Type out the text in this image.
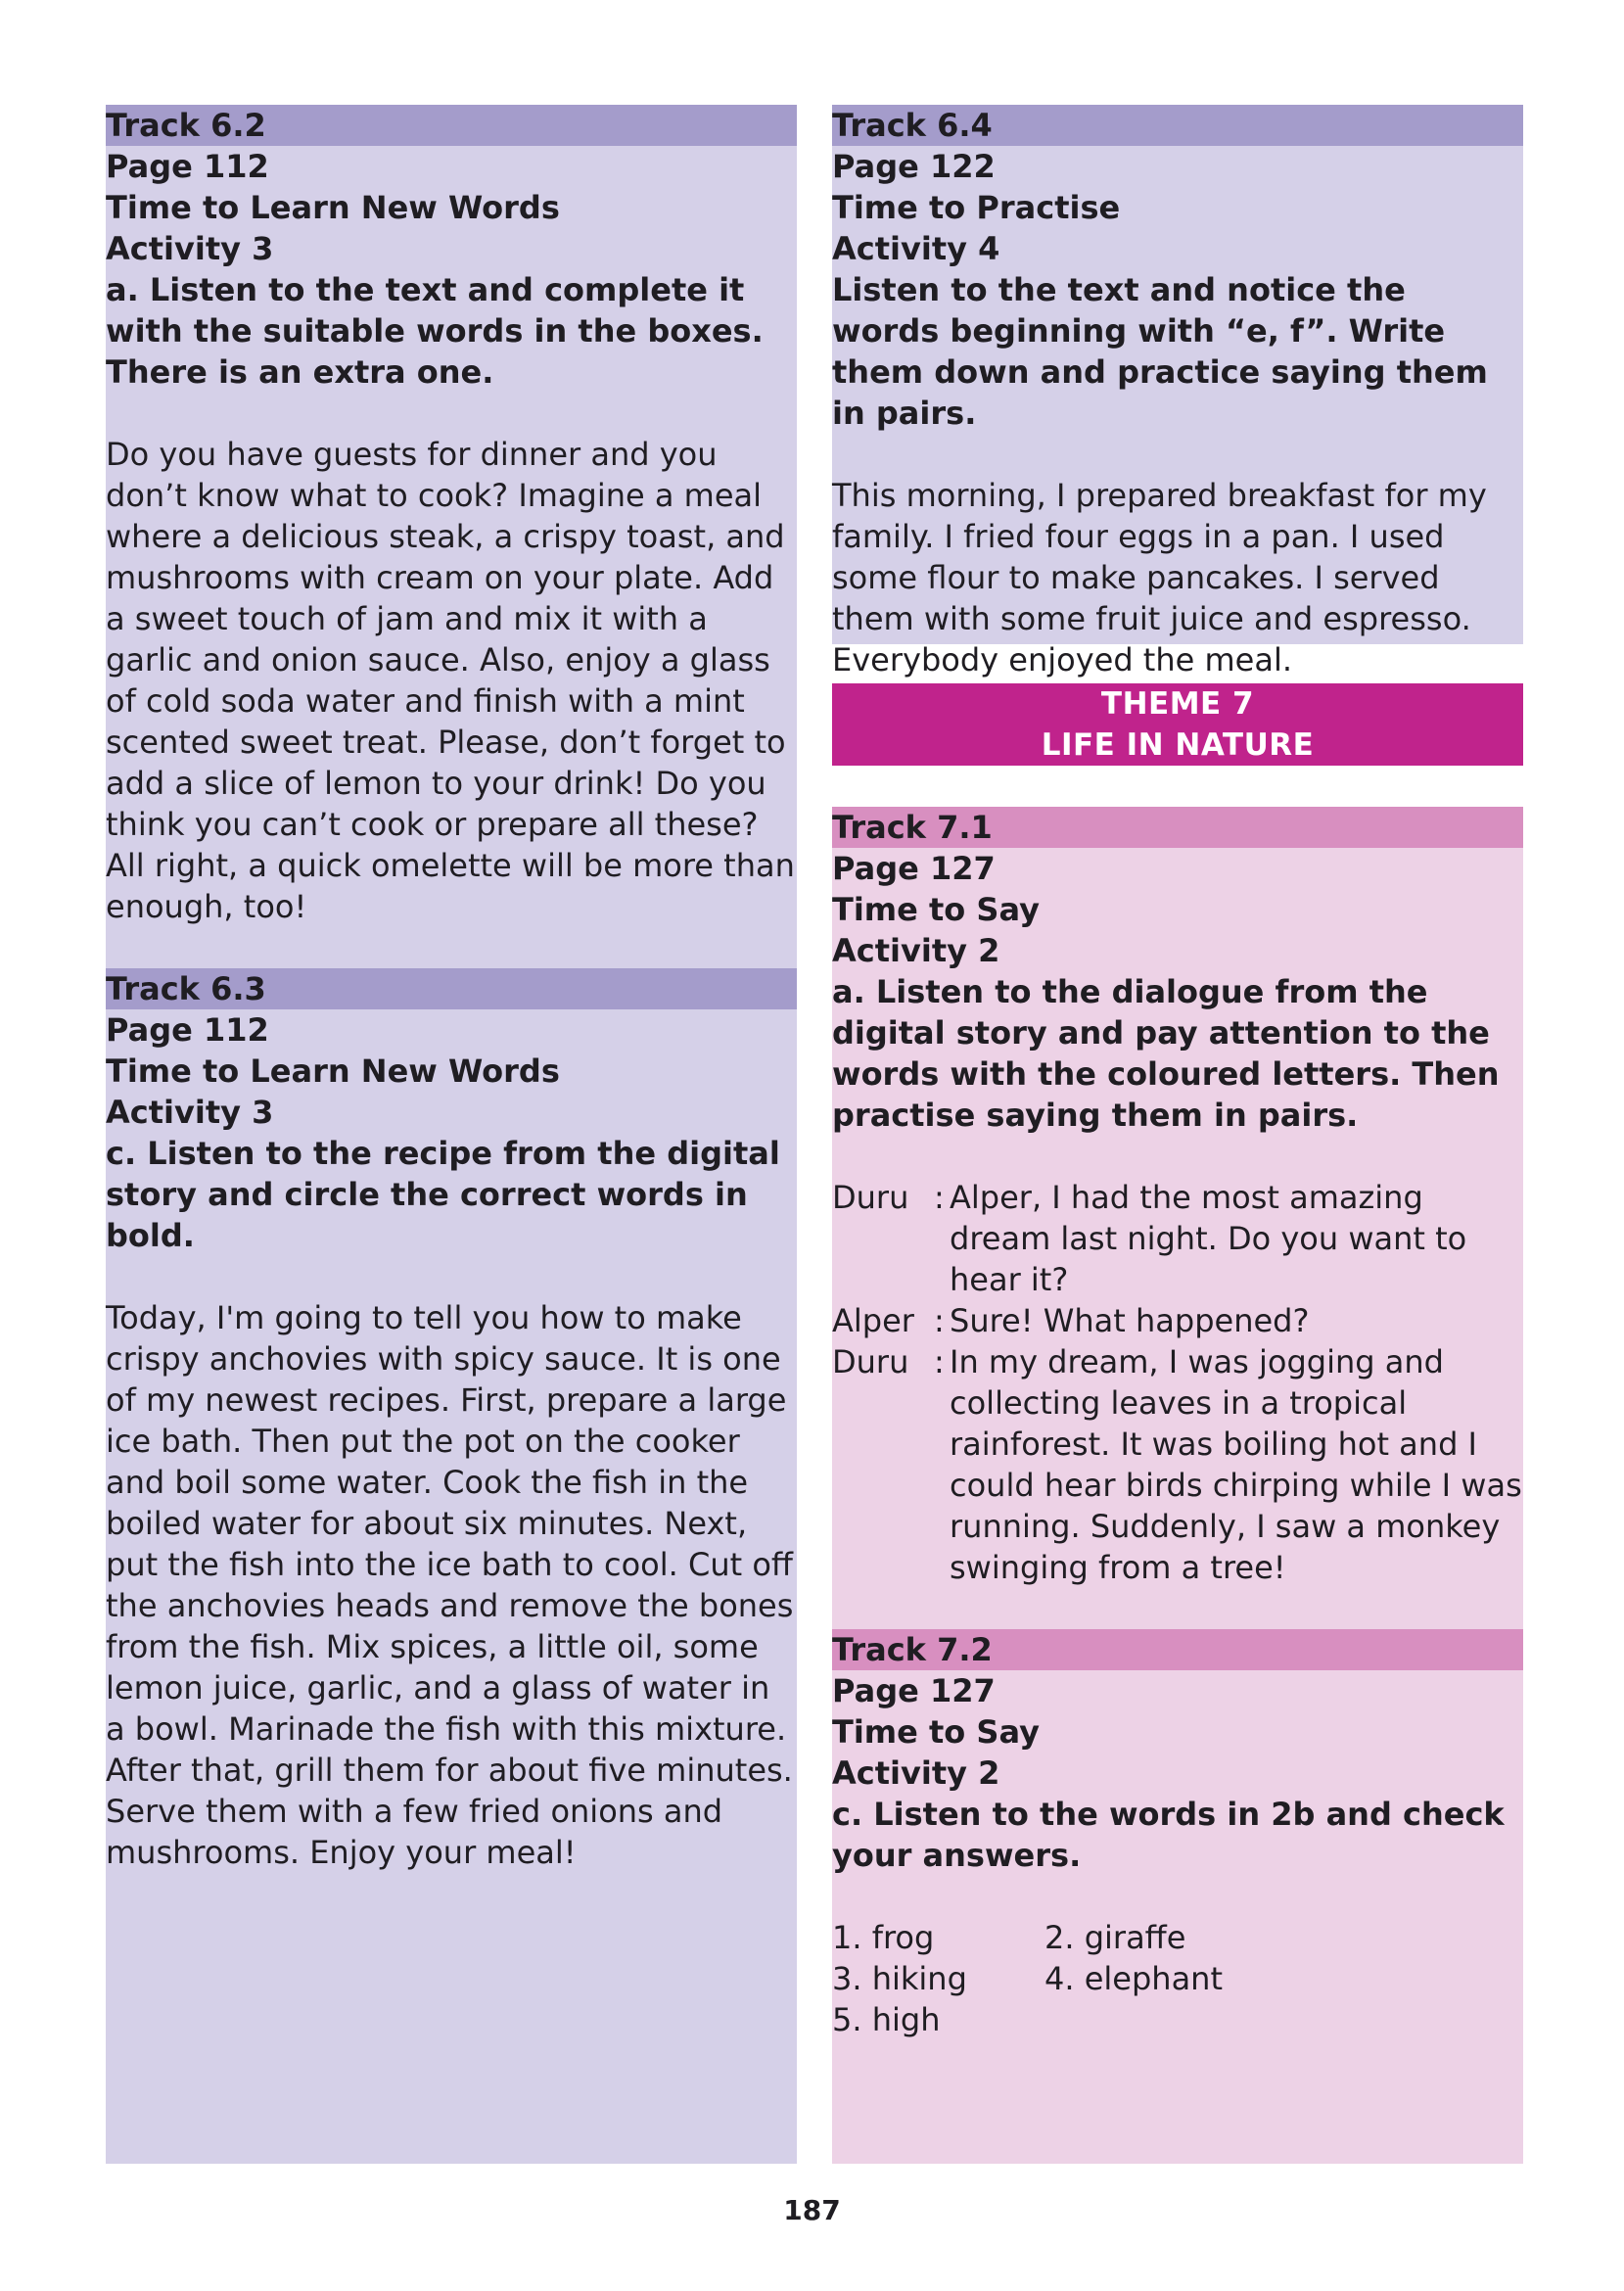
Track 6.2
Page 112
Time to Learn New Words
Activity 3
a. Listen to the text and complete it with the suitable words in the boxes. There is an extra one.
Do you have guests for dinner and you don’t know what to cook? Imagine a meal where a delicious steak, a crispy toast, and mushrooms with cream on your plate. Add a sweet touch of jam and mix it with a garlic and onion sauce. Also, enjoy a glass of cold soda water and finish with a mint scented sweet treat. Please, don’t forget to add a slice of lemon to your drink! Do you think you can’t cook or prepare all these? All right, a quick omelette will be more than enough, too!
Track 6.3
Page 112
Time to Learn New Words
Activity 3
c. Listen to the recipe from the digital story and circle the correct words in bold.
Today, I'm going to tell you how to make crispy anchovies with spicy sauce. It is one of my newest recipes. First, prepare a large ice bath. Then put the pot on the cooker and boil some water. Cook the fish in the boiled water for about six minutes. Next, put the fish into the ice bath to cool. Cut off the anchovies heads and remove the bones from the fish. Mix spices, a little oil, some lemon juice, garlic, and a glass of water in a bowl. Marinade the fish with this mixture. After that, grill them for about five minutes. Serve them with a few fried onions and mushrooms. Enjoy your meal!
Track 6.4
Page 122
Time to Practise
Activity 4
Listen to the text and notice the words beginning with “e, f”. Write them down and practice saying them in pairs.
This morning, I prepared breakfast for my family. I fried four eggs in a pan. I used some flour to make pancakes. I served them with some fruit juice and espresso. Everybody enjoyed the meal.
THEME 7
LIFE IN NATURE
Track 7.1
Page 127
Time to Say
Activity 2
a. Listen to the dialogue from the digital story and pay attention to the words with the coloured letters. Then practise saying them in pairs.
Duru : Alper, I had the most amazing dream last night. Do you want to hear it?
Alper : Sure! What happened?
Duru : In my dream, I was jogging and collecting leaves in a tropical rainforest. It was boiling hot and I could hear birds chirping while I was running. Suddenly, I saw a monkey swinging from a tree!
Track 7.2
Page 127
Time to Say
Activity 2
c. Listen to the words in 2b and check your answers.
1. frog	2. giraffe
3. hiking	4. elephant
5. high
187
